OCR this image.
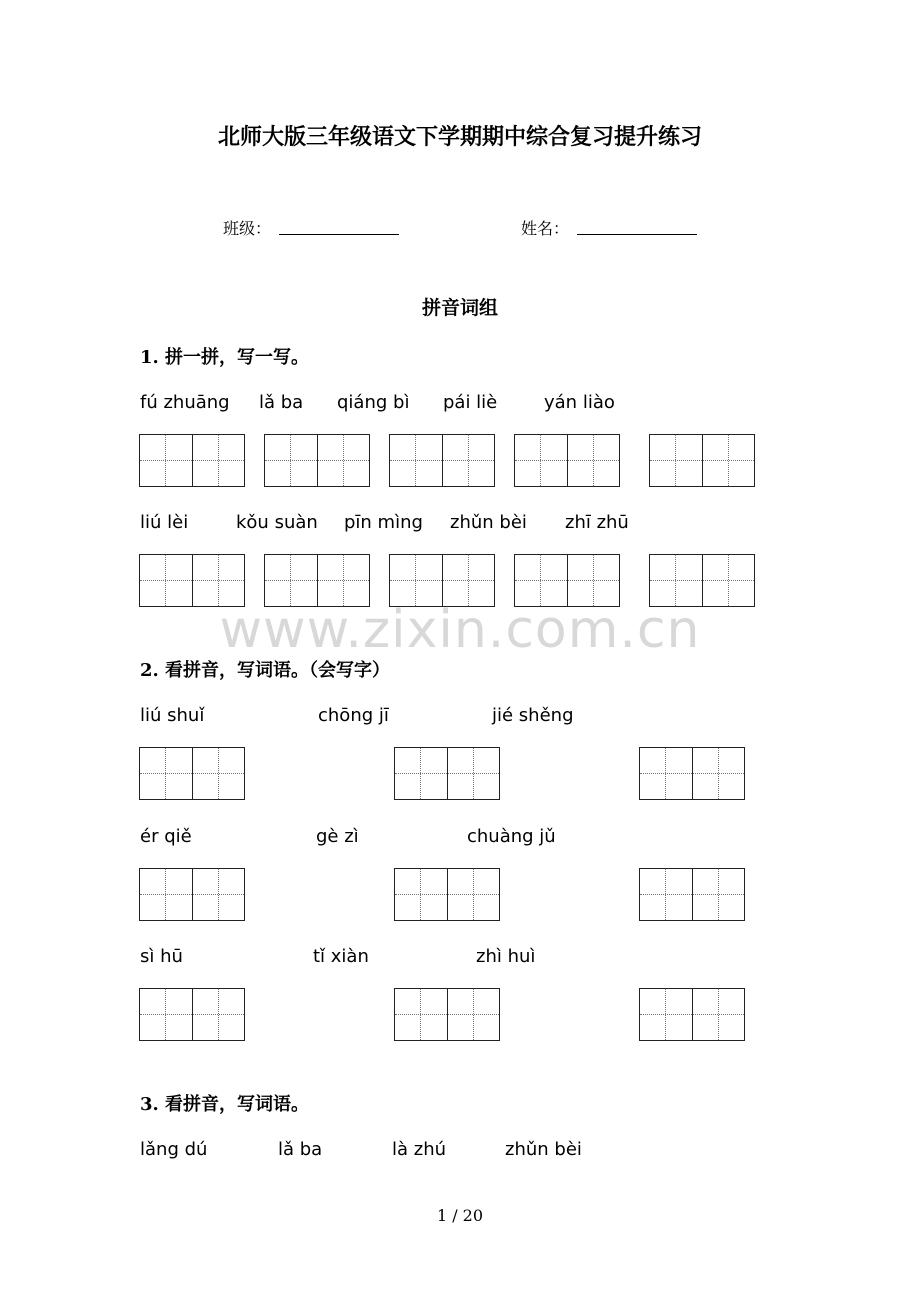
北师大版三年级语文下学期期中综合复习提升练习
班级：	姓名：
拼音词组
1. 拼一拼，写一写。
fú zhuāng lǎ ba qiáng bì pái liè	yán liào
liú lèi	kǒu suàn pīn mìng zhǔn bèi zhī zhū
www.zixin.com.cn
2. 看拼音，写词语。（会写字）
liú shuǐ	chōng jī	jié shěng
ér qiě	gè zì	chuàng jǔ
sì hū	tǐ xiàn	zhì huì
3. 看拼音，写词语。
lǎng dú	lǎ ba	là zhú	zhǔn bèi
1 / 20
